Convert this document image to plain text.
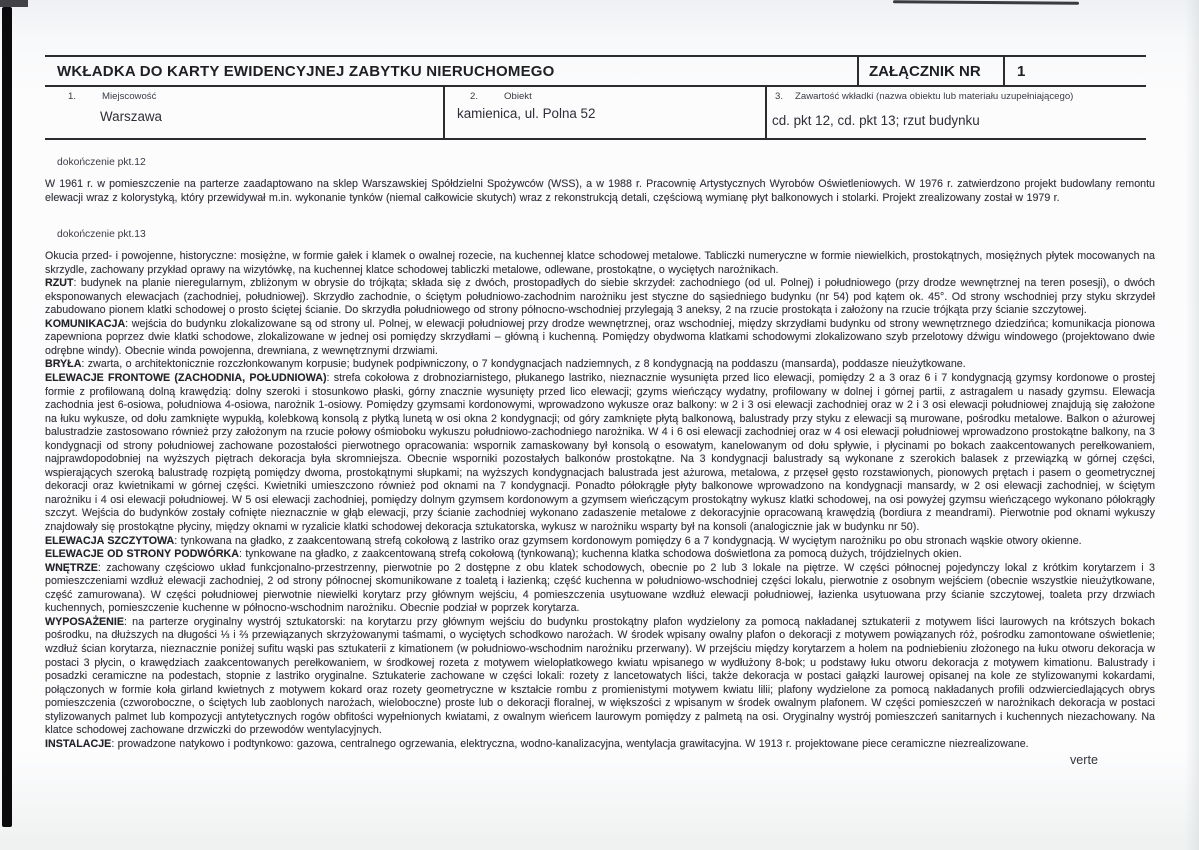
WKŁADKA DO KARTY EWIDENCYJNEJ ZABYTKU NIERUCHOMEGO	ZAŁĄCZNIK NR	1
1.	Miejscowość
Warszawa
2.	Obiekt
kamienica, ul. Polna 52
3. Zawartość wkładki (nazwa obiektu lub materiału uzupełniającego)
cd. pkt 12, cd. pkt 13; rzut budynku
dokończenie pkt.12

W 1961 r. w pomieszczenie na parterze zaadaptowano na sklep Warszawskiej Spółdzielni Spożywców (WSS), a w 1988 r. Pracownię Artystycznych Wyrobów Oświetleniowych. W 1976 r. zatwierdzono projekt budowlany remontu elewacji wraz z kolorystyką, który przewidywał m.in. wykonanie tynków (niemal całkowicie skutych) wraz z rekonstrukcją detali, częściową wymianę płyt balkonowych i stolarki. Projekt zrealizowany został w 1979 r.

dokończenie pkt.13

Okucia przed- i powojenne, historyczne: mosiężne, w formie gałek i klamek o owalnej rozecie, na kuchennej klatce schodowej metalowe. Tabliczki numeryczne w formie niewielkich, prostokątnych, mosiężnych płytek mocowanych na skrzydle, zachowany przykład oprawy na wizytówkę, na kuchennej klatce schodowej tabliczki metalowe, odlewane, prostokątne, o wyciętych narożnikach.

RZUT: budynek na planie nieregularnym, zbliżonym w obrysie do trójkąta; składa się z dwóch, prostopadłych do siebie skrzydeł: zachodniego (od ul. Polnej) i południowego (przy drodze wewnętrznej na teren posesji), o dwóch eksponowanych elewacjach (zachodniej, południowej). Skrzydło zachodnie, o ściętym południowo-zachodnim narożniku jest styczne do sąsiedniego budynku (nr 54) pod kątem ok. 45°. Od strony wschodniej przy styku skrzydeł zabudowano pionem klatki schodowej o prosto ściętej ścianie. Do skrzydła południowego od strony północno-wschodniej przylegają 3 aneksy, 2 na rzucie prostokąta i założony na rzucie trójkąta przy ścianie szczytowej.

KOMUNIKACJA: wejścia do budynku zlokalizowane są od strony ul. Polnej, w elewacji południowej przy drodze wewnętrznej, oraz wschodniej, między skrzydłami budynku od strony wewnętrznego dziedzińca; komunikacja pionowa zapewniona poprzez dwie klatki schodowe, zlokalizowane w jednej osi pomiędzy skrzydłami – główną i kuchenną. Pomiędzy obydwoma klatkami schodowymi zlokalizowano szyb przelotowy dźwigu windowego (projektowano dwie odrębne windy). Obecnie winda powojenna, drewniana, z wewnętrznymi drzwiami.

BRYŁA: zwarta, o architektonicznie rozczłonkowanym korpusie; budynek podpiwniczony, o 7 kondygnacjach nadziemnych, z 8 kondygnacją na poddaszu (mansarda), poddasze nieużytkowane.

ELEWACJE FRONTOWE (ZACHODNIA, POŁUDNIOWA): strefa cokołowa z drobnoziarnistego, płukanego lastriko, nieznacznie wysunięta przed lico elewacji, pomiędzy 2 a 3 oraz 6 i 7 kondygnacją gzymsy kordonowe o prostej formie z profilowaną dolną krawędzią: dolny szeroki i stosunkowo płaski, górny znacznie wysunięty przed lico elewacji; gzyms wieńczący wydatny, profilowany w dolnej i górnej partii, z astragalem u nasady gzymsu. Elewacja zachodnia jest 6-osiowa, południowa 4-osiowa, narożnik 1-osiowy. Pomiędzy gzymsami kordonowymi, wprowadzono wykusze oraz balkony: w 2 i 3 osi elewacji zachodniej oraz w 2 i 3 osi elewacji południowej znajdują się założone na łuku wykusze, od dołu zamknięte wypukłą, kolebkową konsolą z płytką lunetą w osi okna 2 kondygnacji; od góry zamknięte płytą balkonową, balustrady przy styku z elewacji są murowane, pośrodku metalowe. Balkon o ażurowej balustradzie zastosowano również przy założonym na rzucie połowy ośmioboku wykuszu południowo-zachodniego narożnika. W 4 i 6 osi elewacji zachodniej oraz w 4 osi elewacji południowej wprowadzono prostokątne balkony, na 3 kondygnacji od strony południowej zachowane pozostałości pierwotnego opracowania: wspornik zamaskowany był konsolą o esowatym, kanelowanym od dołu spływie, i płycinami po bokach zaakcentowanych perełkowaniem, najprawdopodobniej na wyższych piętrach dekoracja była skromniejsza. Obecnie wsporniki pozostałych balkonów prostokątne. Na 3 kondygnacji balustrady są wykonane z szerokich balasek z przewiązką w górnej części, wspierających szeroką balustradę rozpiętą pomiędzy dwoma, prostokątnymi słupkami; na wyższych kondygnacjach balustrada jest ażurowa, metalowa, z przęseł gęsto rozstawionych, pionowych prętach i pasem o geometrycznej dekoracji oraz kwietnikami w górnej części. Kwietniki umieszczono również pod oknami na 7 kondygnacji. Ponadto półokrągłe płyty balkonowe wprowadzono na kondygnacji mansardy, w 2 osi elewacji zachodniej, w ściętym narożniku i 4 osi elewacji południowej. W 5 osi elewacji zachodniej, pomiędzy dolnym gzymsem kordonowym a gzymsem wieńczącym prostokątny wykusz klatki schodowej, na osi powyżej gzymsu wieńczącego wykonano półokrągły szczyt. Wejścia do budynków zostały cofnięte nieznacznie w głąb elewacji, przy ścianie zachodniej wykonano zadaszenie metalowe z dekoracyjnie opracowaną krawędzią (bordiura z meandrami). Pierwotnie pod oknami wykuszy znajdowały się prostokątne płyciny, między oknami w ryzalicie klatki schodowej dekoracja sztukatorska, wykusz w narożniku wsparty był na konsoli (analogicznie jak w budynku nr 50).

ELEWACJA SZCZYTOWA: tynkowana na gładko, z zaakcentowaną strefą cokołową z lastriko oraz gzymsem kordonowym pomiędzy 6 a 7 kondygnacją. W wyciętym narożniku po obu stronach wąskie otwory okienne.

ELEWACJE OD STRONY PODWÓRKA: tynkowane na gładko, z zaakcentowaną strefą cokołową (tynkowaną); kuchenna klatka schodowa doświetlona za pomocą dużych, trójdzielnych okien.

WNĘTRZE: zachowany częściowo układ funkcjonalno-przestrzenny, pierwotnie po 2 dostępne z obu klatek schodowych, obecnie po 2 lub 3 lokale na piętrze. W części północnej pojedynczy lokal z krótkim korytarzem i 3 pomieszczeniami wzdłuż elewacji zachodniej, 2 od strony północnej skomunikowane z toaletą i łazienką; część kuchenna w południowo-wschodniej części lokalu, pierwotnie z osobnym wejściem (obecnie wszystkie nieużytkowane, część zamurowana). W części południowej pierwotnie niewielki korytarz przy głównym wejściu, 4 pomieszczenia usytuowane wzdłuż elewacji południowej, łazienka usytuowana przy ścianie szczytowej, toaleta przy drzwiach kuchennych, pomieszczenie kuchenne w północno-wschodnim narożniku. Obecnie podział w poprzek korytarza.

WYPOSAŻENIE: na parterze oryginalny wystrój sztukatorski: na korytarzu przy głównym wejściu do budynku prostokątny plafon wydzielony za pomocą nakładanej sztukaterii z motywem liści laurowych na krótszych bokach pośrodku, na dłuższych na długości ⅓ i ⅔ przewiązanych skrzyżowanymi taśmami, o wyciętych schodkowo narożach. W środek wpisany owalny plafon o dekoracji z motywem powiązanych róż, pośrodku zamontowane oświetlenie; wzdłuż ścian korytarza, nieznacznie poniżej sufitu wąski pas sztukaterii z kimationem (w południowo-wschodnim narożniku przerwany). W przejściu między korytarzem a holem na podniebieniu złożonego na łuku otworu dekoracja w postaci 3 płycin, o krawędziach zaakcentowanych perełkowaniem, w środkowej rozeta z motywem wielopłatkowego kwiatu wpisanego w wydłużony 8-bok; u podstawy łuku otworu dekoracja z motywem kimationu. Balustrady i posadzki ceramiczne na podestach, stopnie z lastriko oryginalne. Sztukaterie zachowane w części lokali: rozety z lancetowatych liści, także dekoracja w postaci gałązki laurowej opisanej na kole ze stylizowanymi kokardami, połączonych w formie koła girland kwietnych z motywem kokard oraz rozety geometryczne w kształcie rombu z promienistymi motywem kwiatu lilii; plafony wydzielone za pomocą nakładanych profili odzwierciedlających obrys pomieszczenia (czworoboczne, o ściętych lub zaoblonych narożach, wieloboczne) proste lub o dekoracji floralnej, w większości z wpisanym w środek owalnym plafonem. W części pomieszczeń w narożnikach dekoracja w postaci stylizowanych palmet lub kompozycji antytetycznych rogów obfitości wypełnionych kwiatami, z owalnym wieńcem laurowym pomiędzy z palmetą na osi. Oryginalny wystrój pomieszczeń sanitarnych i kuchennych niezachowany. Na klatce schodowej zachowane drzwiczki do przewodów wentylacyjnych.

INSTALACJE: prowadzone natykowo i podtynkowo: gazowa, centralnego ogrzewania, elektryczna, wodno-kanalizacyjna, wentylacja grawitacyjna. W 1913 r. projektowane piece ceramiczne niezrealizowane.

verte
